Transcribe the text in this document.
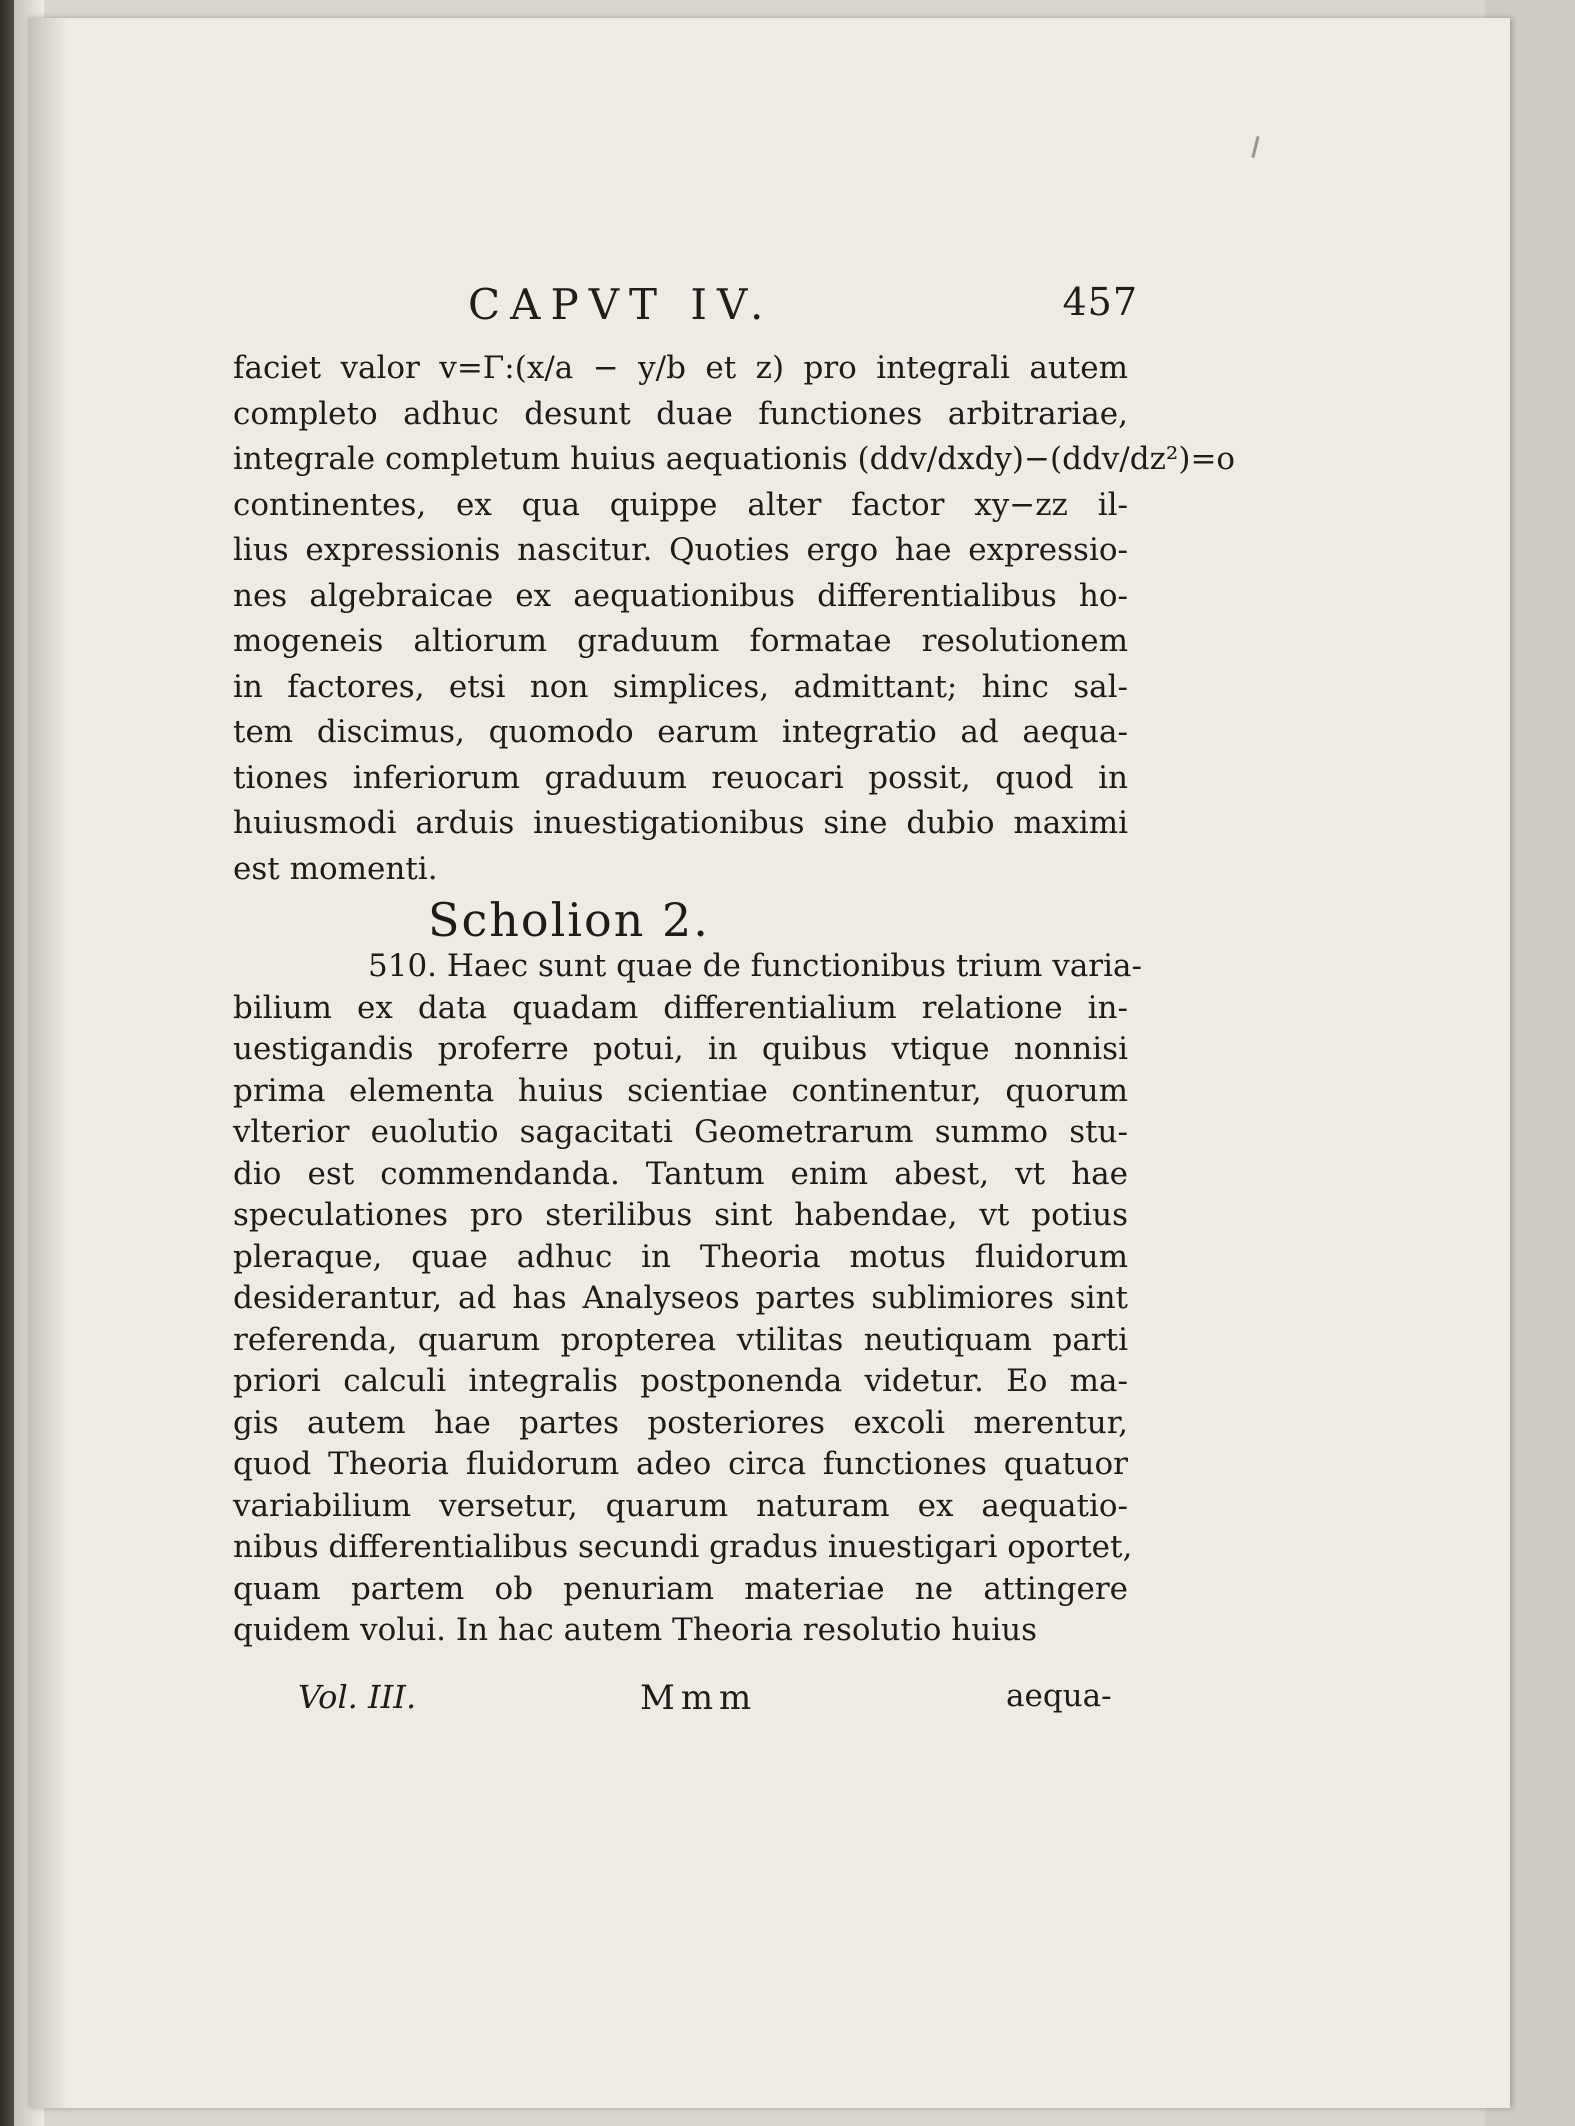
CAPVT IV.	457
faciet valor v=Γ:(x/a − y/b et z) pro integrali autem
completo adhuc desunt duae functiones arbitrariae,
integrale completum huius aequationis (ddv/dxdy)−(ddv/dz²)=o
continentes, ex qua quippe alter factor xy−zz il-
lius expressionis nascitur. Quoties ergo hae expressio-
nes algebraicae ex aequationibus differentialibus ho-
mogeneis altiorum graduum formatae resolutionem
in factores, etsi non simplices, admittant; hinc sal-
tem discimus, quomodo earum integratio ad aequa-
tiones inferiorum graduum reuocari possit, quod in
huiusmodi arduis inuestigationibus sine dubio maximi
est momenti.
Scholion 2.
510. Haec sunt quae de functionibus trium varia-
bilium ex data quadam differentialium relatione in-
uestigandis proferre potui, in quibus vtique nonnisi
prima elementa huius scientiae continentur, quorum
vlterior euolutio sagacitati Geometrarum summo stu-
dio est commendanda. Tantum enim abest, vt hae
speculationes pro sterilibus sint habendae, vt potius
pleraque, quae adhuc in Theoria motus fluidorum
desiderantur, ad has Analyseos partes sublimiores sint
referenda, quarum propterea vtilitas neutiquam parti
priori calculi integralis postponenda videtur. Eo ma-
gis autem hae partes posteriores excoli merentur,
quod Theoria fluidorum adeo circa functiones quatuor
variabilium versetur, quarum naturam ex aequatio-
nibus differentialibus secundi gradus inuestigari oportet,
quam partem ob penuriam materiae ne attingere
quidem volui. In hac autem Theoria resolutio huius
Vol. III.	Mmm	aequa-
